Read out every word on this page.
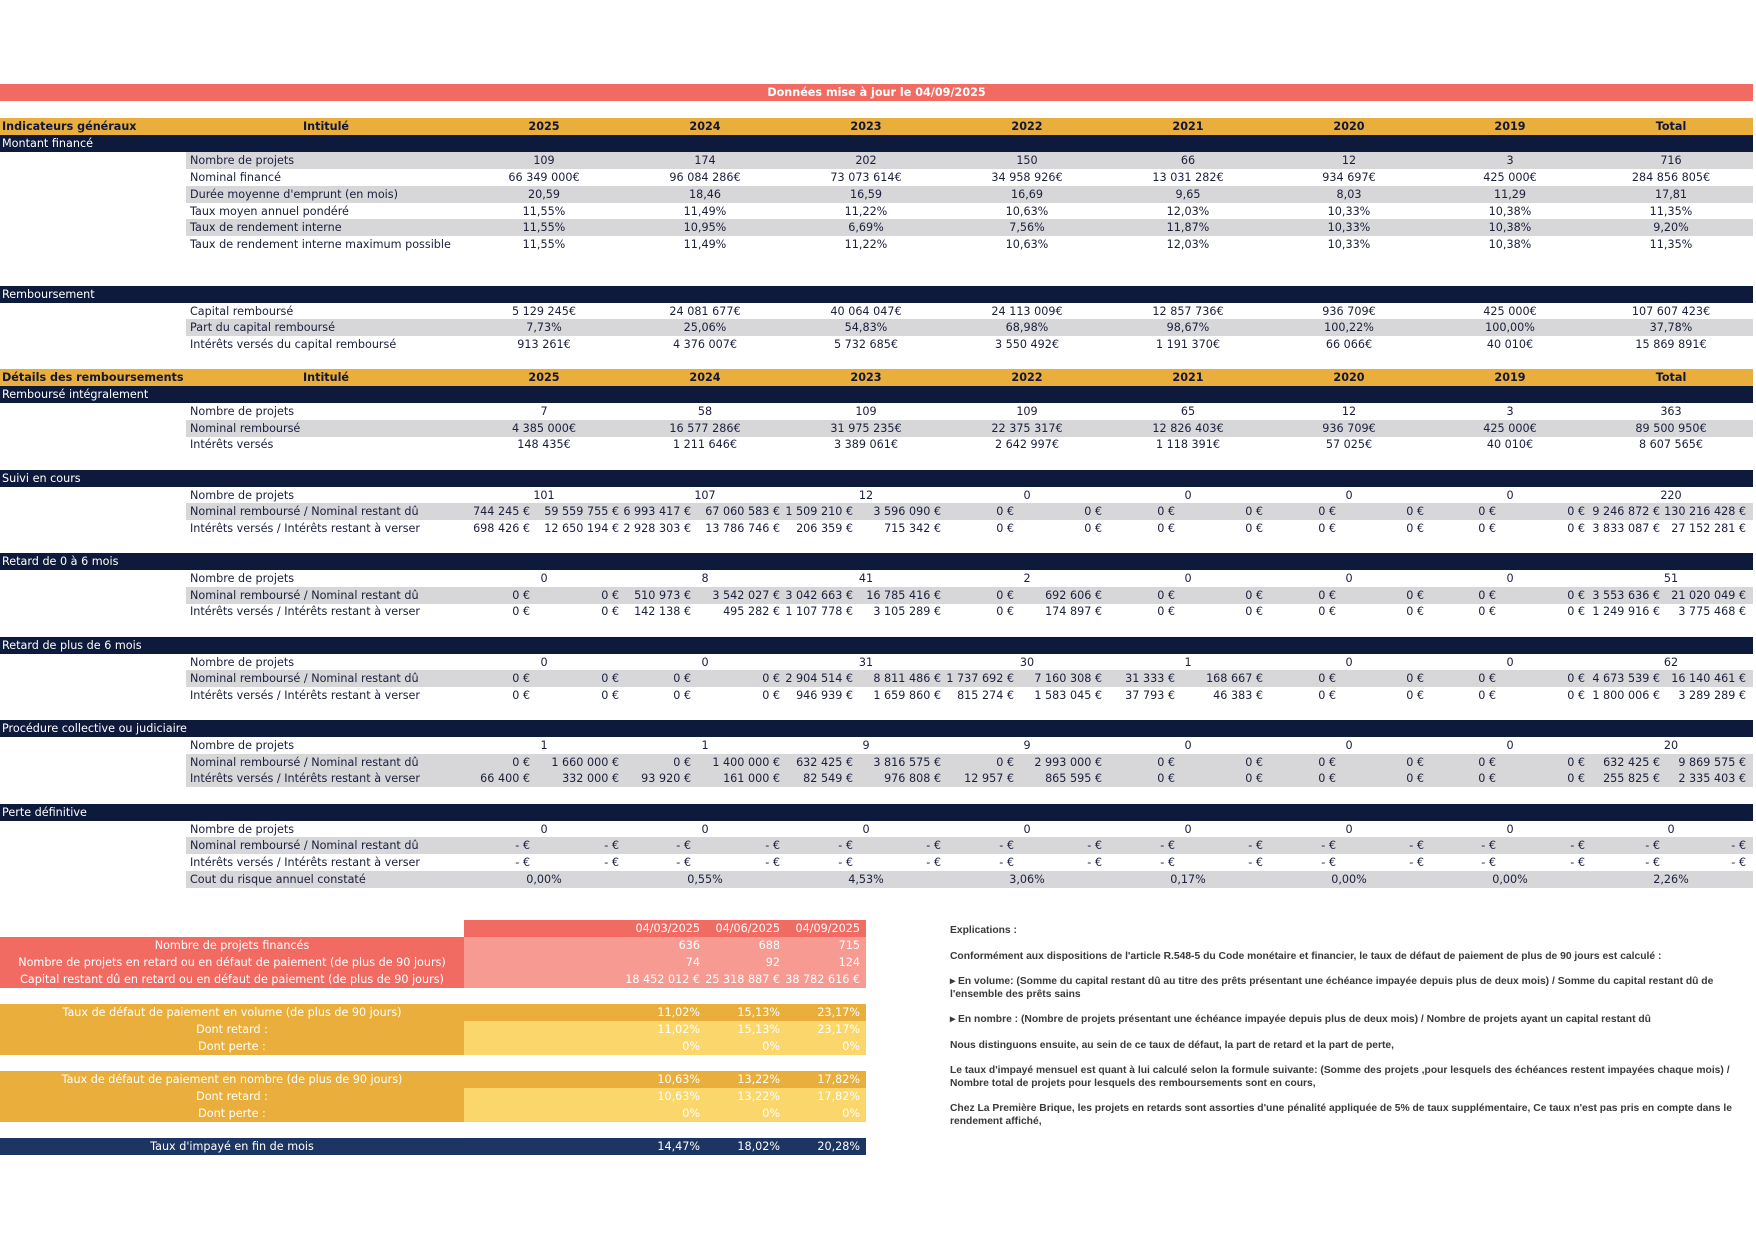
Données mise à jour le 04/09/2025
Indicateurs généraux	Intitulé	2025	2024	2023	2022	2021	2020	2019	Total
Montant financé
Nombre de projets	109	174	202	150	66	12	3	716
Nominal financé	66 349 000€	96 084 286€	73 073 614€	34 958 926€	13 031 282€	934 697€	425 000€	284 856 805€
Durée moyenne d'emprunt (en mois)	20,59	18,46	16,59	16,69	9,65	8,03	11,29	17,81
Taux moyen annuel pondéré	11,55%	11,49%	11,22%	10,63%	12,03%	10,33%	10,38%	11,35%
Taux de rendement interne	11,55%	10,95%	6,69%	7,56%	11,87%	10,33%	10,38%	9,20%
Taux de rendement interne maximum possible	11,55%	11,49%	11,22%	10,63%	12,03%	10,33%	10,38%	11,35%
Remboursement
Capital remboursé	5 129 245€	24 081 677€	40 064 047€	24 113 009€	12 857 736€	936 709€	425 000€	107 607 423€
Part du capital remboursé	7,73%	25,06%	54,83%	68,98%	98,67%	100,22%	100,00%	37,78%
Intérêts versés du capital remboursé	913 261€	4 376 007€	5 732 685€	3 550 492€	1 191 370€	66 066€	40 010€	15 869 891€
Détails des remboursements	Intitulé	2025	2024	2023	2022	2021	2020	2019	Total
Remboursé intégralement
Nombre de projets	7	58	109	109	65	12	3	363
Nominal remboursé	4 385 000€	16 577 286€	31 975 235€	22 375 317€	12 826 403€	936 709€	425 000€	89 500 950€
Intérêts versés	148 435€	1 211 646€	3 389 061€	2 642 997€	1 118 391€	57 025€	40 010€	8 607 565€
Suivi en cours
Nombre de projets	101	107	12	0	0	0	0	220
Nominal remboursé / Nominal restant dû	744 245 €	59 559 755 € 6 993 417 €	67 060 583 € 1 509 210 €	3 596 090 €	0 €	0 €	0 €	0 €	0 €	0 €	0 €	0 € 9 246 872 € 130 216 428 €
Intérêts versés / Intérêts restant à verser	698 426 €	12 650 194 € 2 928 303 €	13 786 746 €	206 359 €	715 342 €	0 €	0 €	0 €	0 €	0 €	0 €	0 €	0 € 3 833 087 €	27 152 281 €
Retard de 0 à 6 mois
Nombre de projets	0	8	41	2	0	0	0	51
Nominal remboursé / Nominal restant dû	0 €	0 €	510 973 €	3 542 027 € 3 042 663 €	16 785 416 €	0 €	692 606 €	0 €	0 €	0 €	0 €	0 €	0 € 3 553 636 €	21 020 049 €
Intérêts versés / Intérêts restant à verser	0 €	0 €	142 138 €	495 282 € 1 107 778 €	3 105 289 €	0 €	174 897 €	0 €	0 €	0 €	0 €	0 €	0 € 1 249 916 €	3 775 468 €
Retard de plus de 6 mois
Nombre de projets	0	0	31	30	1	0	0	62
Nominal remboursé / Nominal restant dû	0 €	0 €	0 €	0 € 2 904 514 €	8 811 486 € 1 737 692 €	7 160 308 €	31 333 €	168 667 €	0 €	0 €	0 €	0 € 4 673 539 €	16 140 461 €
Intérêts versés / Intérêts restant à verser	0 €	0 €	0 €	0 €	946 939 €	1 659 860 €	815 274 €	1 583 045 €	37 793 €	46 383 €	0 €	0 €	0 €	0 € 1 800 006 €	3 289 289 €
Procédure collective ou judiciaire
Nombre de projets	1	1	9	9	0	0	0	20
Nominal remboursé / Nominal restant dû	0 €	1 660 000 €	0 €	1 400 000 €	632 425 €	3 816 575 €	0 €	2 993 000 €	0 €	0 €	0 €	0 €	0 €	0 €	632 425 €	9 869 575 €
Intérêts versés / Intérêts restant à verser	66 400 €	332 000 €	93 920 €	161 000 €	82 549 €	976 808 €	12 957 €	865 595 €	0 €	0 €	0 €	0 €	0 €	0 €	255 825 €	2 335 403 €
Perte définitive
Nombre de projets	0	0	0	0	0	0	0	0
Nominal remboursé / Nominal restant dû	- €	- €	- €	- €	- €	- €	- €	- €	- €	- €	- €	- €	- €	- €	- €	- €
Intérêts versés / Intérêts restant à verser	- €	- €	- €	- €	- €	- €	- €	- €	- €	- €	- €	- €	- €	- €	- €	- €
Cout du risque annuel constaté	0,00%	0,55%	4,53%	3,06%	0,17%	0,00%	0,00%	2,26%
04/03/2025	04/06/2025	04/09/2025
Nombre de projets financés	636	688	715
Nombre de projets en retard ou en défaut de paiement (de plus de 90 jours)	74	92	124
Capital restant dû en retard ou en défaut de paiement (de plus de 90 jours)	18 452 012 € 25 318 887 € 38 782 616 €
Taux de défaut de paiement en volume (de plus de 90 jours)	11,02%	15,13%	23,17%
Dont retard :	11,02%	15,13%	23,17%
Dont perte :	0%	0%	0%
Taux de défaut de paiement en nombre (de plus de 90 jours)	10,63%	13,22%	17,82%
Dont retard :	10,63%	13,22%	17,82%
Dont perte :	0%	0%	0%
Taux d'impayé en fin de mois	14,47%	18,02%	20,28%

Explications :

Conformément aux dispositions de l'article R.548-5 du Code monétaire et financier, le taux de défaut de paiement de plus de 90 jours est calculé :

▸ En volume: (Somme du capital restant dû au titre des prêts présentant une échéance impayée depuis plus de deux mois) / Somme du capital restant dû de l'ensemble des prêts sains

▸ En nombre : (Nombre de projets présentant une échéance impayée depuis plus de deux mois) / Nombre de projets ayant un capital restant dû

Nous distinguons ensuite, au sein de ce taux de défaut, la part de retard et la part de perte,

Le taux d'impayé mensuel est quant à lui calculé selon la formule suivante: (Somme des projets ,pour lesquels des échéances restent impayées chaque mois) / Nombre total de projets pour lesquels des remboursements sont en cours,

Chez La Première Brique, les projets en retards sont assorties d'une pénalité appliquée de 5% de taux supplémentaire, Ce taux n'est pas pris en compte dans le rendement affiché,
